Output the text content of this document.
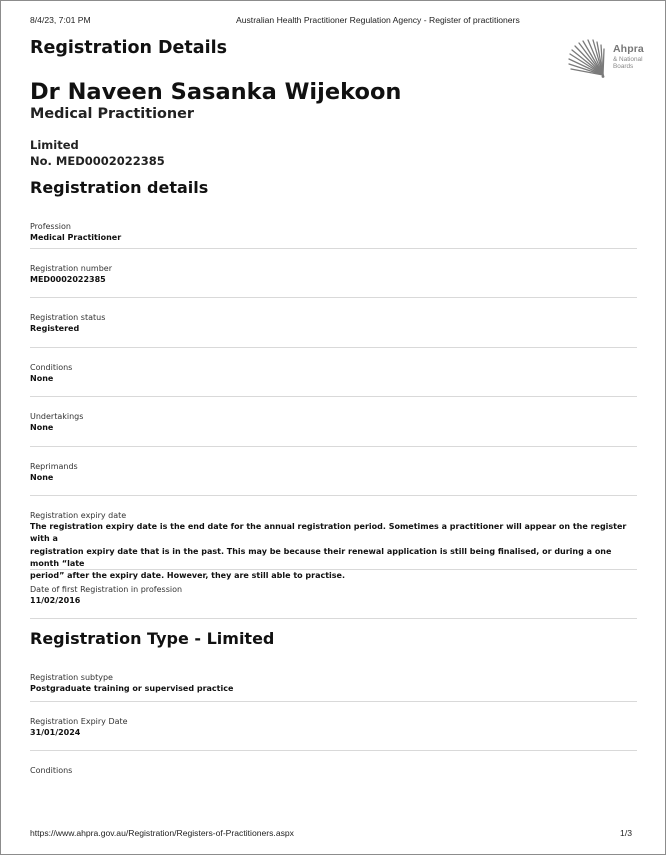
8/4/23, 7:01 PM	Australian Health Practitioner Regulation Agency - Register of practitioners
Ahpra
& National
Boards
Registration Details
Dr Naveen Sasanka Wijekoon
Medical Practitioner
Limited
No. MED0002022385
Registration details
Profession
Medical Practitioner
Registration number
MED0002022385
Registration status
Registered
Conditions
None
Undertakings
None
Reprimands
None
Registration expiry date
The registration expiry date is the end date for the annual registration period. Sometimes a practitioner will appear on the register with a
registration expiry date that is in the past. This may be because their renewal application is still being finalised, or during a one month “late
period” after the expiry date. However, they are still able to practise.
Date of first Registration in profession
11/02/2016
Registration Type - Limited
Registration subtype
Postgraduate training or supervised practice
Registration Expiry Date
31/01/2024
Conditions
https://www.ahpra.gov.au/Registration/Registers-of-Practitioners.aspx	1/3
